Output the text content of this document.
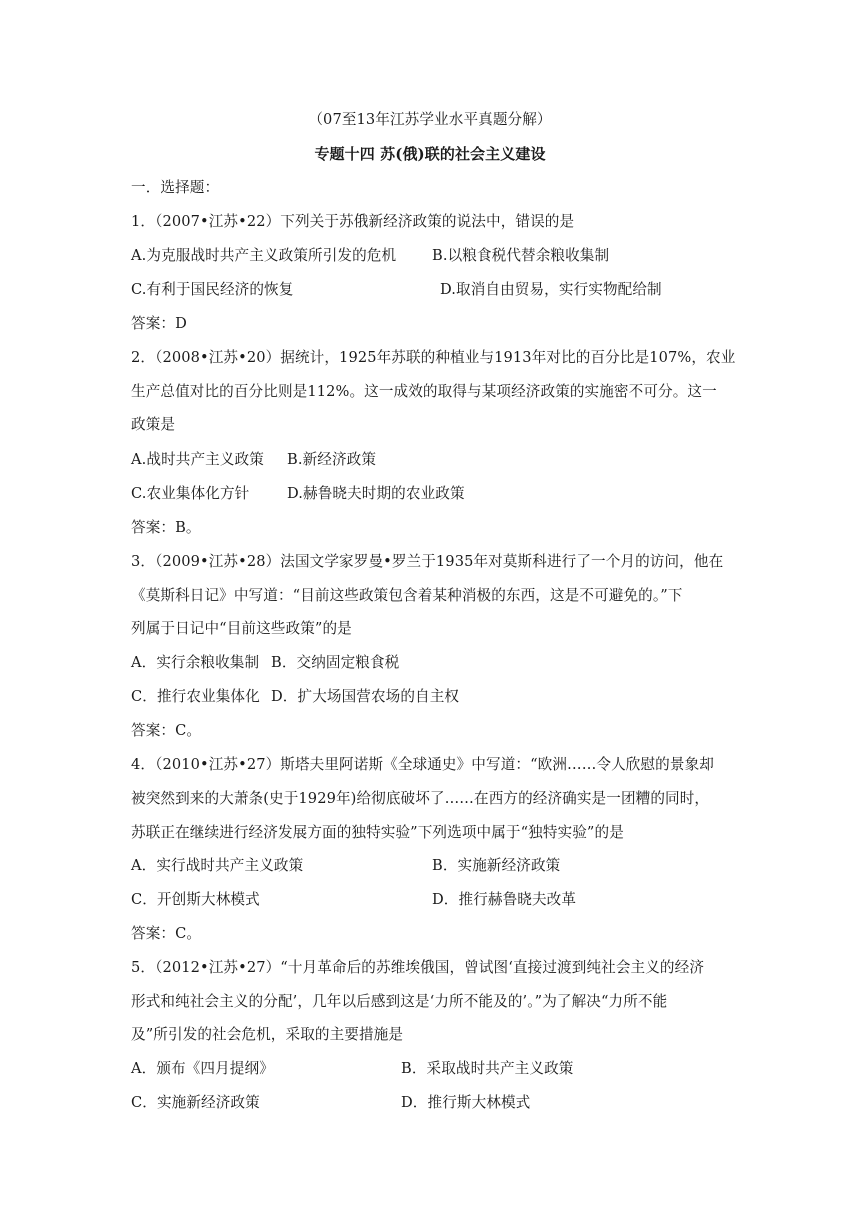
（07至13年江苏学业水平真题分解）
专题十四 苏(俄)联的社会主义建设
一．选择题：
1．（2007•江苏•22）下列关于苏俄新经济政策的说法中，错误的是
A.为克服战时共产主义政策所引发的危机 B.以粮食税代替余粮收集制
C.有利于国民经济的恢复	D.取消自由贸易，实行实物配给制
答案：D
2．（2008•江苏•20）据统计，1925年苏联的种植业与1913年对比的百分比是107%，农业
生产总值对比的百分比则是112%。这一成效的取得与某项经济政策的实施密不可分。这一
政策是
A.战时共产主义政策 B.新经济政策
C.农业集体化方针	D.赫鲁晓夫时期的农业政策
答案：B。
3．（2009•江苏•28）法国文学家罗曼•罗兰于1935年对莫斯科进行了一个月的访问，他在
《莫斯科日记》中写道：“目前这些政策包含着某种消极的东西，这是不可避免的。”下
列属于日记中“目前这些政策”的是
A．实行余粮收集制 B．交纳固定粮食税
C．推行农业集体化 D．扩大场国营农场的自主权
答案：C。
4．（2010•江苏•27）斯塔夫里阿诺斯《全球通史》中写道：“欧洲……令人欣慰的景象却
被突然到来的大萧条(史于1929年)给彻底破坏了……在西方的经济确实是一团糟的同时，
苏联正在继续进行经济发展方面的独特实验”下列选项中属于“独特实验”的是
A．实行战时共产主义政策	B．实施新经济政策
C．开创斯大林模式	D．推行赫鲁晓夫改革
答案：C。
5．（2012•江苏•27）“十月革命后的苏维埃俄国，曾试图‘直接过渡到纯社会主义的经济
形式和纯社会主义的分配’，几年以后感到这是‘力所不能及的’。”为了解决“力所不能
及”所引发的社会危机，采取的主要措施是
A．颁布《四月提纲》	B．采取战时共产主义政策
C．实施新经济政策	D．推行斯大林模式
